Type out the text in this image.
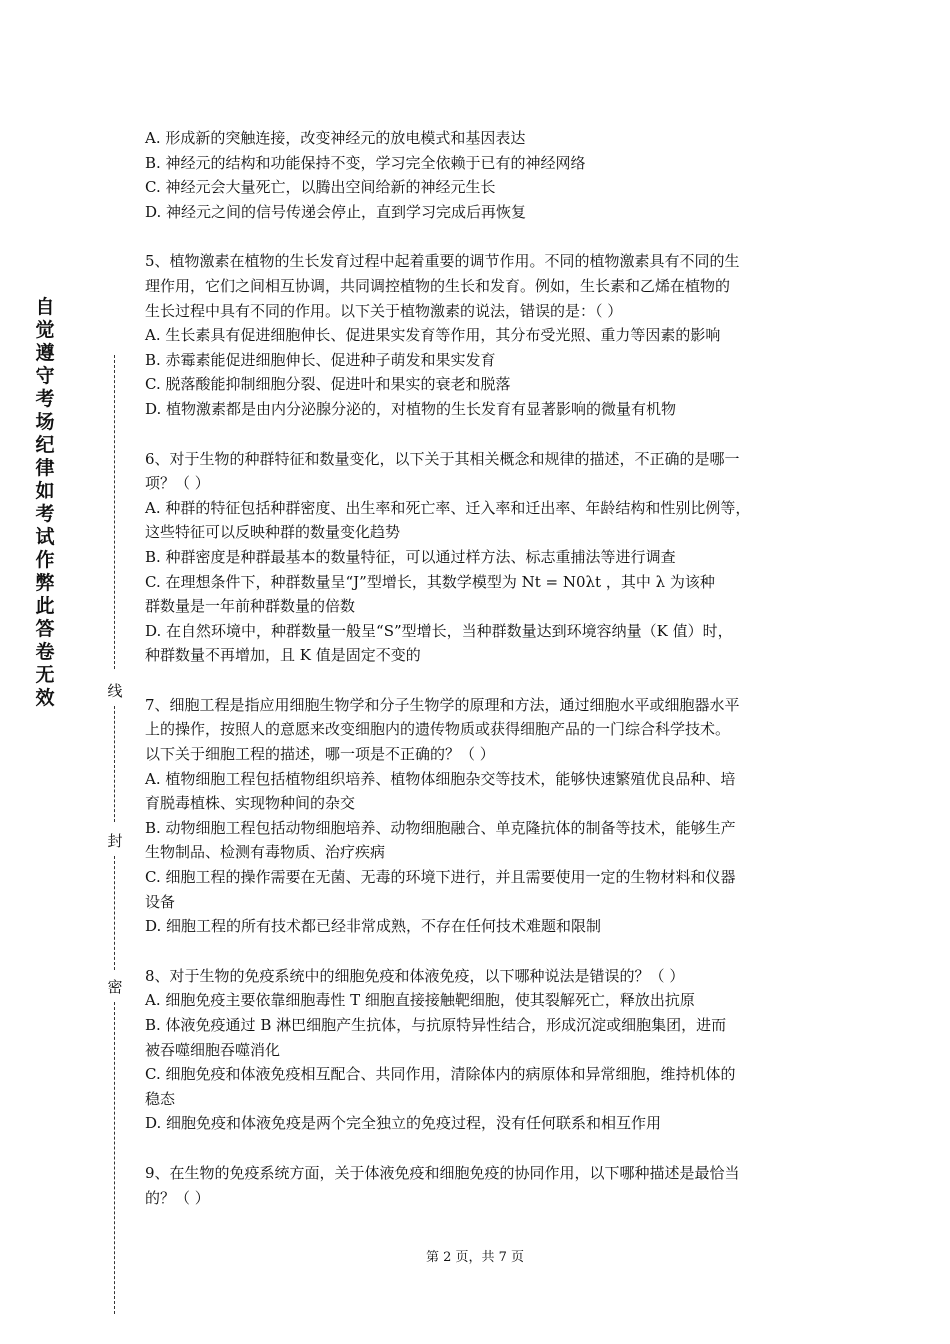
自觉遵守考场纪律如考试作弊此答卷无效	线
封
密
A. 形成新的突触连接，改变神经元的放电模式和基因表达
B. 神经元的结构和功能保持不变，学习完全依赖于已有的神经网络
C. 神经元会大量死亡，以腾出空间给新的神经元生长
D. 神经元之间的信号传递会停止，直到学习完成后再恢复
5、植物激素在植物的生长发育过程中起着重要的调节作用。不同的植物激素具有不同的生
理作用，它们之间相互协调，共同调控植物的生长和发育。例如，生长素和乙烯在植物的
生长过程中具有不同的作用。以下关于植物激素的说法，错误的是：（ ）
A. 生长素具有促进细胞伸长、促进果实发育等作用，其分布受光照、重力等因素的影响
B. 赤霉素能促进细胞伸长、促进种子萌发和果实发育
C. 脱落酸能抑制细胞分裂、促进叶和果实的衰老和脱落
D. 植物激素都是由内分泌腺分泌的，对植物的生长发育有显著影响的微量有机物
6、对于生物的种群特征和数量变化，以下关于其相关概念和规律的描述，不正确的是哪一
项？（ ）
A. 种群的特征包括种群密度、出生率和死亡率、迁入率和迁出率、年龄结构和性别比例等，
这些特征可以反映种群的数量变化趋势
B. 种群密度是种群最基本的数量特征，可以通过样方法、标志重捕法等进行调查
C. 在理想条件下，种群数量呈“J”型增长，其数学模型为 Nt = N0λt ，其中 λ 为该种
群数量是一年前种群数量的倍数
D. 在自然环境中，种群数量一般呈“S”型增长，当种群数量达到环境容纳量（K 值）时，
种群数量不再增加，且 K 值是固定不变的
7、细胞工程是指应用细胞生物学和分子生物学的原理和方法，通过细胞水平或细胞器水平
上的操作，按照人的意愿来改变细胞内的遗传物质或获得细胞产品的一门综合科学技术。
以下关于细胞工程的描述，哪一项是不正确的？（ ）
A. 植物细胞工程包括植物组织培养、植物体细胞杂交等技术，能够快速繁殖优良品种、培
育脱毒植株、实现物种间的杂交
B. 动物细胞工程包括动物细胞培养、动物细胞融合、单克隆抗体的制备等技术，能够生产
生物制品、检测有毒物质、治疗疾病
C. 细胞工程的操作需要在无菌、无毒的环境下进行，并且需要使用一定的生物材料和仪器
设备
D. 细胞工程的所有技术都已经非常成熟，不存在任何技术难题和限制
8、对于生物的免疫系统中的细胞免疫和体液免疫，以下哪种说法是错误的？（ ）
A. 细胞免疫主要依靠细胞毒性 T 细胞直接接触靶细胞，使其裂解死亡，释放出抗原
B. 体液免疫通过 B 淋巴细胞产生抗体，与抗原特异性结合，形成沉淀或细胞集团，进而
被吞噬细胞吞噬消化
C. 细胞免疫和体液免疫相互配合、共同作用，清除体内的病原体和异常细胞，维持机体的
稳态
D. 细胞免疫和体液免疫是两个完全独立的免疫过程，没有任何联系和相互作用
9、在生物的免疫系统方面，关于体液免疫和细胞免疫的协同作用，以下哪种描述是最恰当
的？（ ）
第 2 页，共 7 页
